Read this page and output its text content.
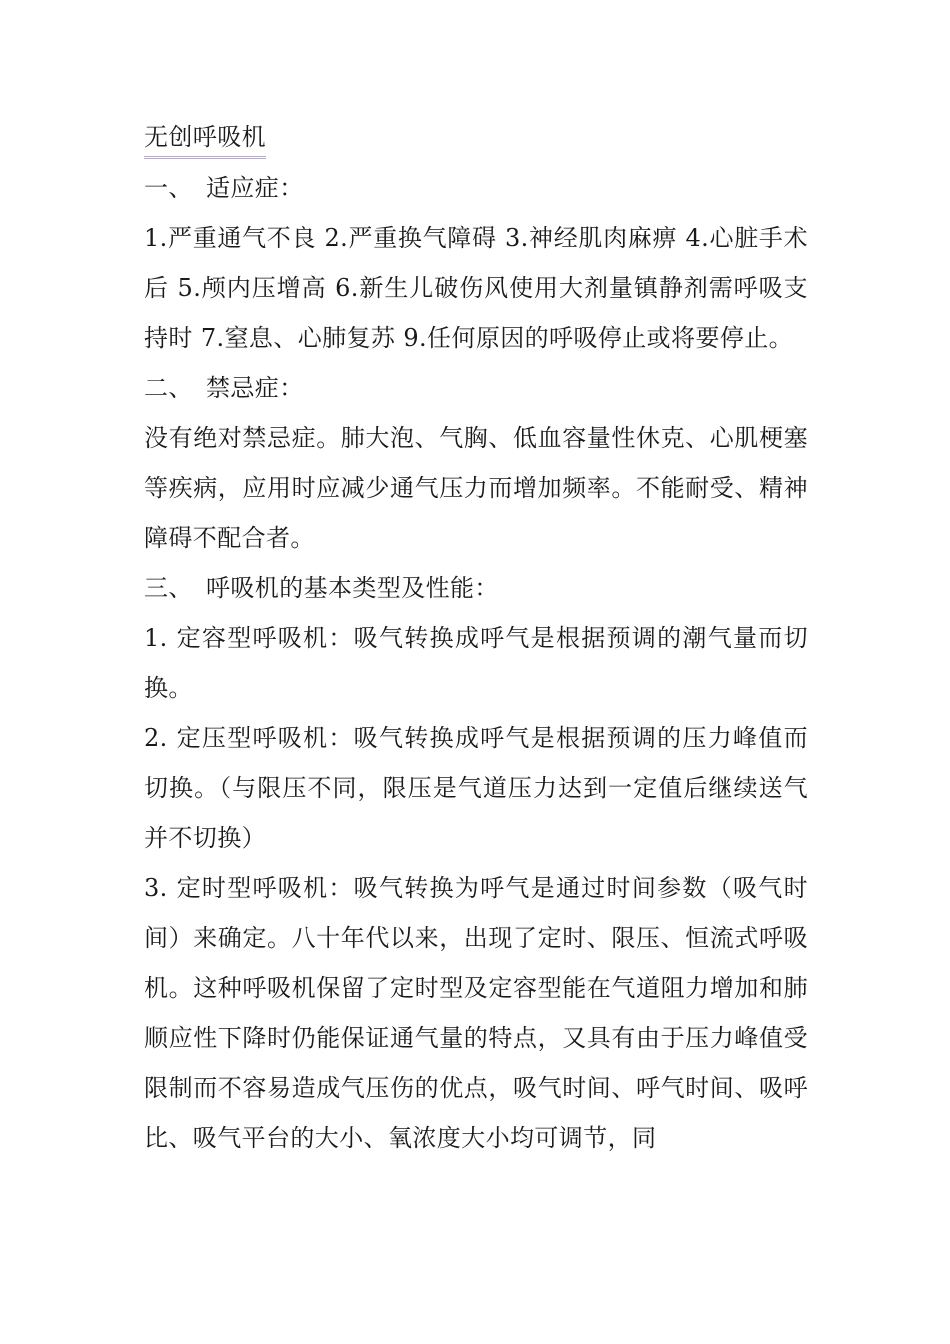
无创呼吸机

一、 适应症：

1.严重通气不良 2.严重换气障碍 3.神经肌肉麻痹 4.心脏手术后 5.颅内压增高 6.新生儿破伤风使用大剂量镇静剂需呼吸支持时 7.窒息、心肺复苏 9.任何原因的呼吸停止或将要停止。

二、 禁忌症：

没有绝对禁忌症。肺大泡、气胸、低血容量性休克、心肌梗塞等疾病，应用时应减少通气压力而增加频率。不能耐受、精神障碍不配合者。

三、 呼吸机的基本类型及性能：

1. 定容型呼吸机：吸气转换成呼气是根据预调的潮气量而切换。

2. 定压型呼吸机：吸气转换成呼气是根据预调的压力峰值而切换。（与限压不同，限压是气道压力达到一定值后继续送气并不切换）

3. 定时型呼吸机：吸气转换为呼气是通过时间参数（吸气时间）来确定。八十年代以来，出现了定时、限压、恒流式呼吸机。这种呼吸机保留了定时型及定容型能在气道阻力增加和肺顺应性下降时仍能保证通气量的特点，又具有由于压力峰值受限制而不容易造成气压伤的优点，吸气时间、呼气时间、吸呼比、吸气平台的大小、氧浓度大小均可调节，同
